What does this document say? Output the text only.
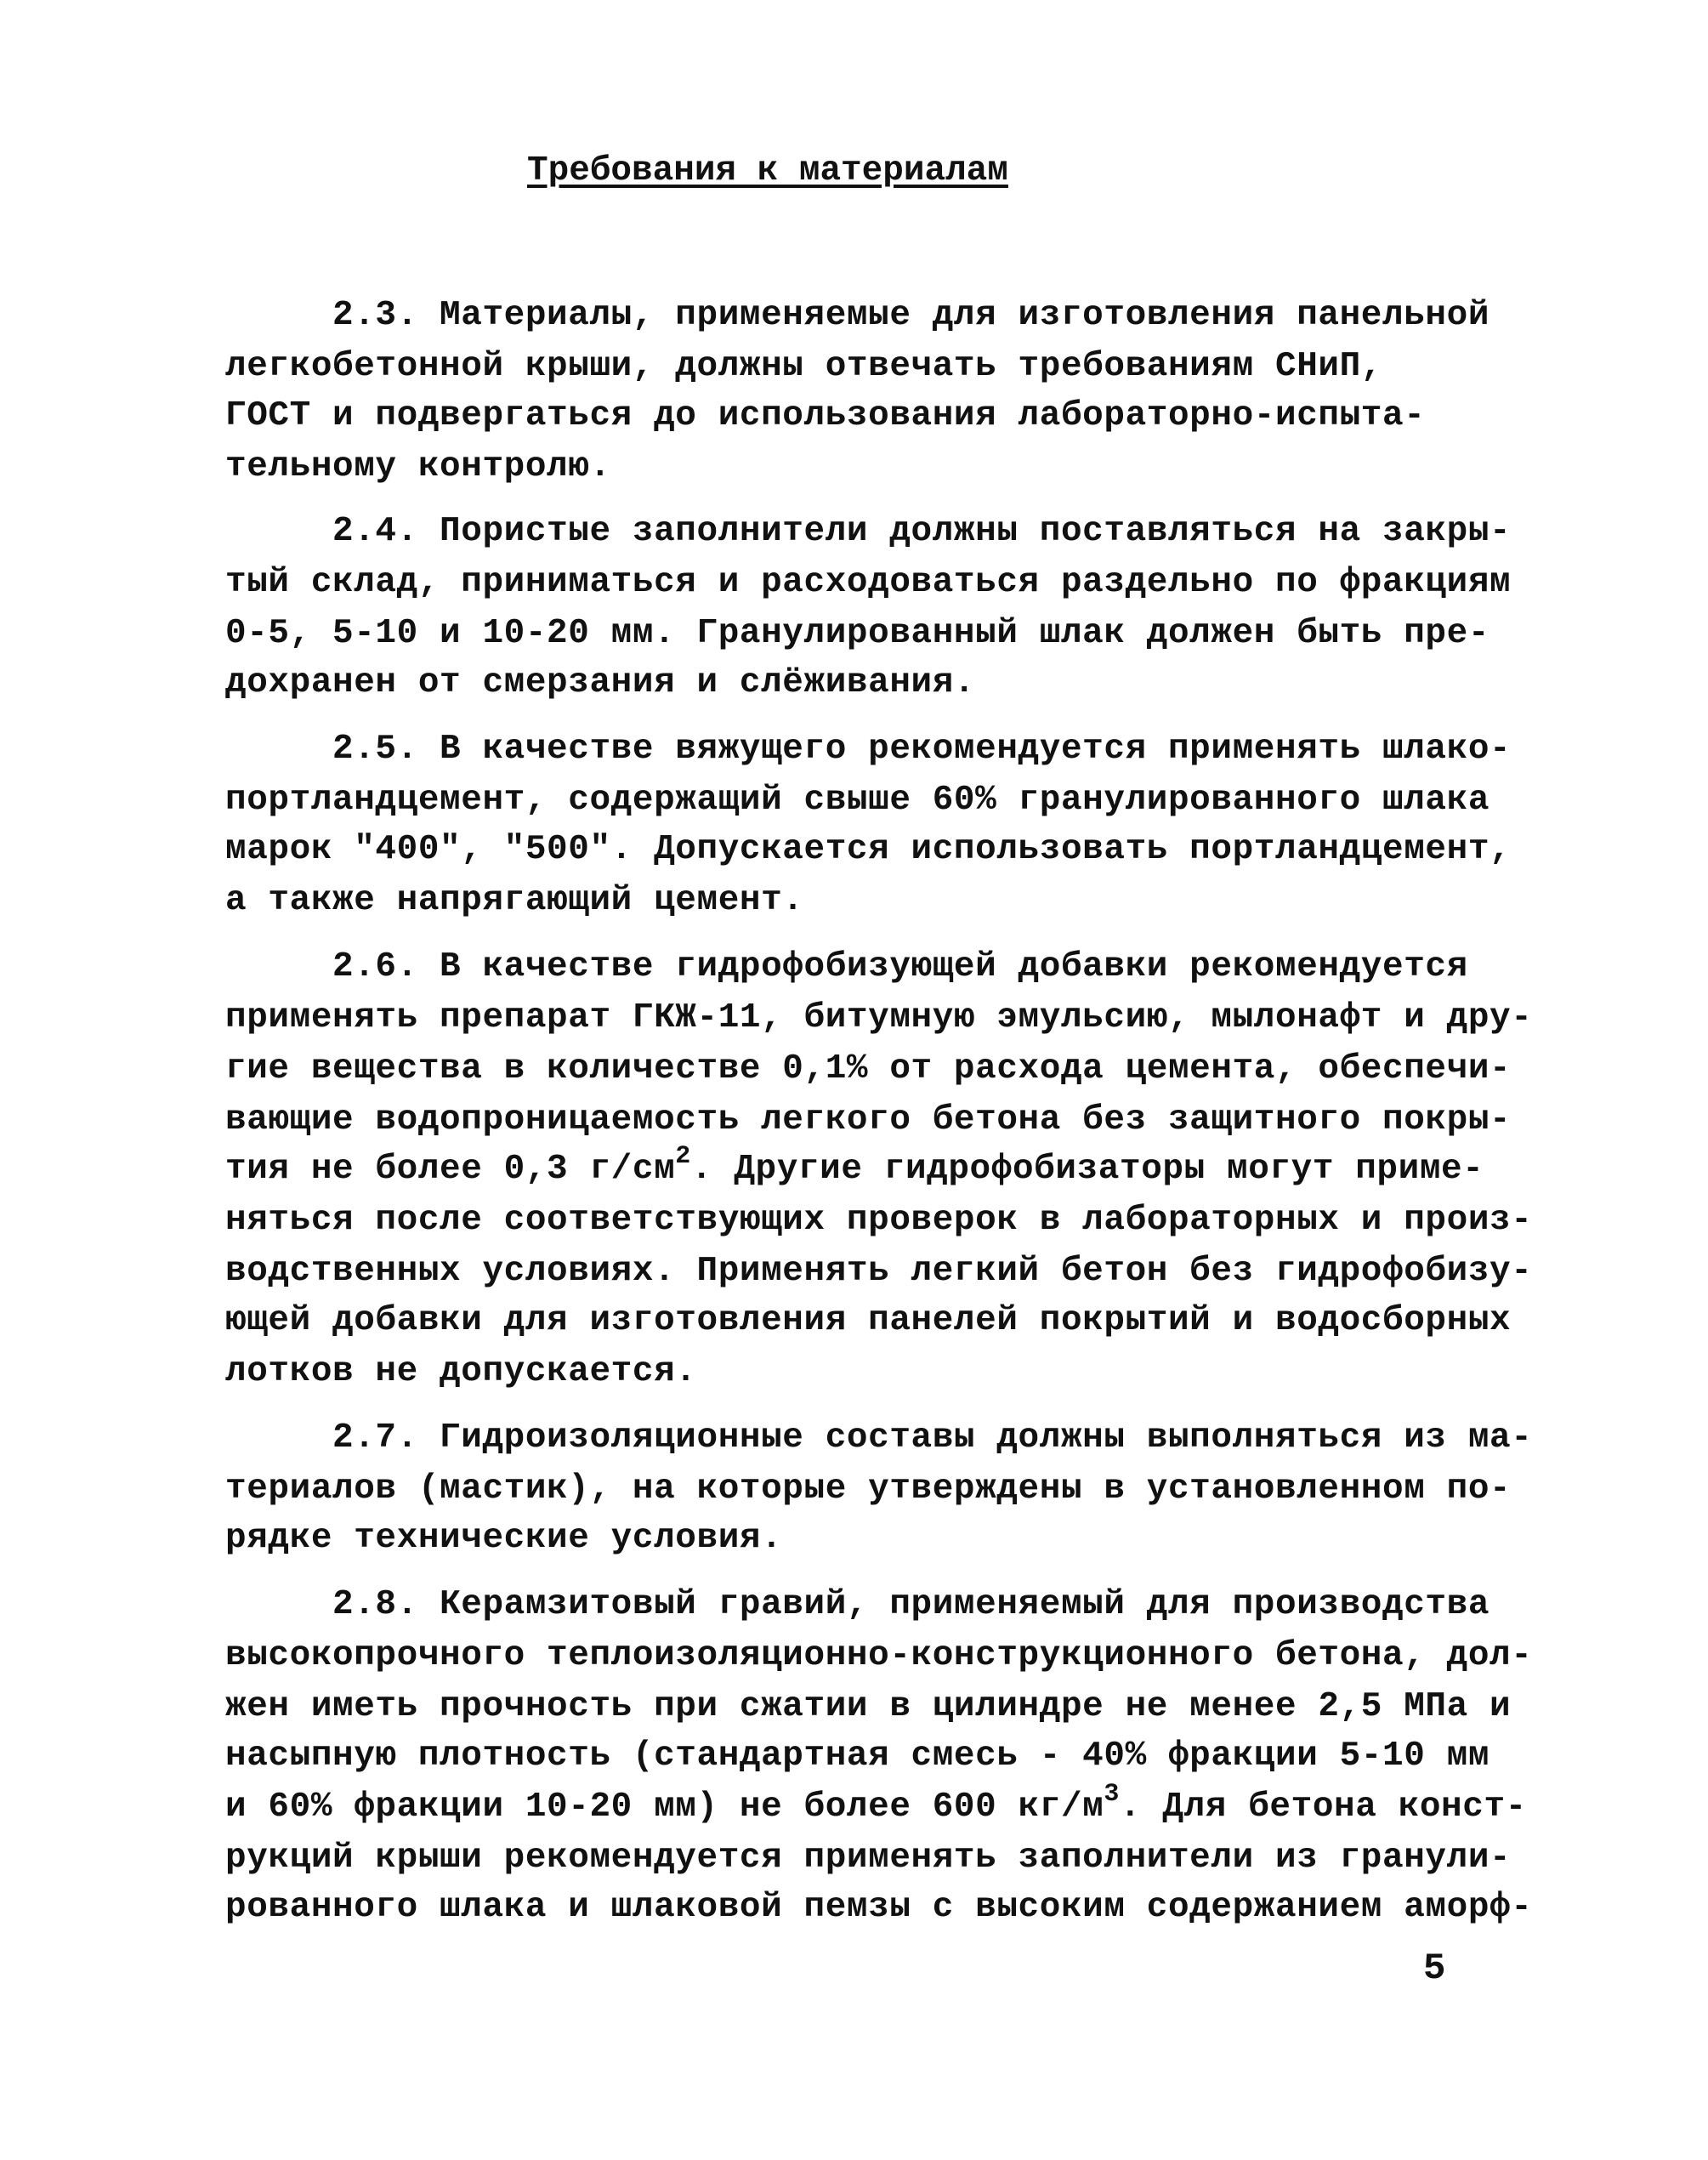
Требования к материалам
2.3. Материалы, применяемые для изготовления панельной
легкобетонной крыши, должны отвечать требованиям СНиП,
ГОСТ и подвергаться до использования лабораторно-испыта-
тельному контролю.
2.4. Пористые заполнители должны поставляться на закры-
тый склад, приниматься и расходоваться раздельно по фракциям
0-5, 5-10 и 10-20 мм. Гранулированный шлак должен быть пре-
дохранен от смерзания и слёживания.
2.5. В качестве вяжущего рекомендуется применять шлако-
портландцемент, содержащий свыше 60% гранулированного шлака
марок "400", "500". Допускается использовать портландцемент,
а также напрягающий цемент.
2.6. В качестве гидрофобизующей добавки рекомендуется
применять препарат ГКЖ-11, битумную эмульсию, мылонафт и дру-
гие вещества в количестве 0,1% от расхода цемента, обеспечи-
вающие водопроницаемость легкого бетона без защитного покры-
тия не более 0,3 $г/см^2$. Другие гидрофобизаторы могут приме-
няться после соответствующих проверок в лабораторных и произ-
водственных условиях. Применять легкий бетон без гидрофобизу-
ющей добавки для изготовления панелей покрытий и водосборных
лотков не допускается.
2.7. Гидроизоляционные составы должны выполняться из ма-
териалов (мастик), на которые утверждены в установленном по-
рядке технические условия.
2.8. Керамзитовый гравий, применяемый для производства
высокопрочного теплоизоляционно-конструкционного бетона, дол-
жен иметь прочность при сжатии в цилиндре не менее 2,5 МПа и
насыпную плотность (стандартная смесь - 40% фракции 5-10 мм
и 60% фракции 10-20 мм) не более 600 $кг/м^3$. Для бетона конст-
рукций крыши рекомендуется применять заполнители из гранули-
рованного шлака и шлаковой пемзы с высоким содержанием аморф-
5
